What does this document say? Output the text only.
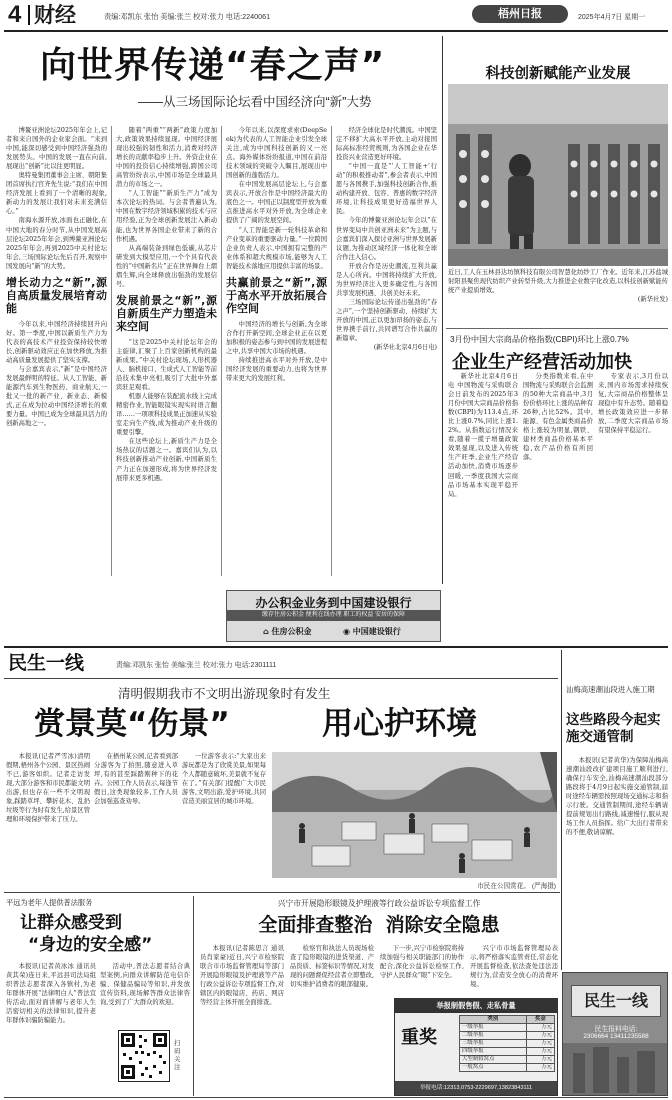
4 财经	责编:邓凯东 张怡 美编:张兰 校对:张力 电话:2240061	梧州日报	2025年4月7日 星期一
向世界传递“春之声”
——从三场国际论坛看中国经济向“新”大势

博鳌亚洲论坛2025年年会上,记者和来自国外的企业家会面。“来到中国,能深切感受到中国经济强劲的发展势头。中国的发展一直在向前,展现出“创新”比以往更明显。

奥特曼集团董事会主席、朝阳集团首席执行官齐先生说:“我们在中国经济发展上看到了一个清晰的现象,新动力的发展让我们对未来充满信心。”

南海水源开放,冰面也正融化,在中国大地的春分时节,从中国发展高层论坛2025年年会,到博鳌亚洲论坛2025年年会,再到2025中关村论坛年会,三场国际论坛先后召开,观察中国发展向“新”的大势。

增长动力之“新”,源自高质量发展培育动能

今年以来,中国经济持续回升向好。第一季度,中国以新质生产力为代表的高技术产业投资保持较快增长,创新驱动效应正在加快释放,为推动高质量发展提供了坚实支撑。

与会嘉宾表示,“新”是中国经济发展最鲜明的特征。从人工智能、新能源汽车到生物医药、商业航天,一批又一批的新产业、新业态、新模式,正在成为拉动中国经济增长的重要力量。中国已成为全球最具活力的创新高地之一。

随着“两重”“两新”政策力度加大,政策效果持续显现。中国经济展现出较强的韧性和活力,消费对经济增长的贡献率稳步上升。外资企业在中国的投资信心持续增强,跨国公司高管纷纷表示,中国市场是全球最具潜力的市场之一。

“人工智能”“新质生产力”成为本次论坛的热词。与会者普遍认为,中国在数字经济领域积累的技术与应用经验,正为全球创新发展注入新动能,也为世界各国企业带来了新的合作机遇。

从高端装备到绿色低碳,从芯片研发到大模型应用,一个个具有代表性的“中国新名片”正在世界舞台上熠熠生辉,向全球释放出强劲的发展信号。

发展前景之“新”,源自新质生产力塑造未来空间

“这是2025中关村论坛年会的主旋律,汇聚了上百家创新机构的最新成果。”中关村论坛现场,人形机器人、脑机接口、生成式人工智能等前沿技术集中亮相,吸引了大批中外嘉宾驻足观看。

机器人能够在装配流水线上完成精密作业,智能眼镜实现实时语言翻译……一项项科技成果正加速从实验室走向生产线,成为推动产业升级的重要引擎。

在这些论坛上,新质生产力是全场热议的话题之一。嘉宾们认为,以科技创新推动产业创新,中国新质生产力正在加速形成,将为世界经济发展带来更多机遇。

今年以来,以深度求索(DeepSeek)为代表的人工智能企业引发全球关注,成为中国科技创新的又一亮点。海外媒体纷纷报道,中国在前沿技术领域的突破令人瞩目,展现出中国创新的蓬勃活力。

在中国发展高层论坛上,与会嘉宾表示,开放合作是中国经济最大的底色之一。中国正以制度型开放为重点推进高水平对外开放,为全球企业提供了广阔的发展空间。

“人工智能是新一轮科技革命和产业变革的重要驱动力量。”一位跨国企业负责人表示,中国拥有完整的产业体系和超大规模市场,能够为人工智能技术落地应用提供丰富的场景。

共赢前景之“新”,源于高水平开放拓展合作空间

中国经济的增长与创新,为全球合作打开新空间,全球企业正在以更加积极的姿态参与到中国的发展进程之中,共享中国大市场的机遇。

持续推进高水平对外开放,是中国经济发展的重要动力,也将为世界带来更大的发展红利。

经济全球化是时代潮流。中国坚定不移扩大高水平开放,主动对接国际高标准经贸规则,为各国企业在华投资兴业营造更好环境。

“中国一直是“‘人工智能+’行动”的积极推动者”,参会者表示,中国愿与各国携手,加强科技创新合作,推动构建开放、包容、普惠的数字经济环境,让科技成果更好造福世界人民。

今年的博鳌亚洲论坛年会以“在世界变局中共创亚洲未来”为主题,与会嘉宾们深入探讨亚洲与世界发展新议题,为推动区域经济一体化和全球合作注入信心。

开放合作是历史潮流,互利共赢是人心所向。中国将持续扩大开放,为世界经济注入更多确定性,与各国共享发展机遇、共创美好未来。

三场国际论坛传递出强劲的“春之声”,一个坚持创新驱动、持续扩大开放的中国,正以更加昂扬的姿态,与世界携手前行,共同谱写合作共赢的新篇章。

(新华社北京4月6日电)
科技创新赋能产业发展

近日,工人在玉林县达坊镇科技有限公司智慧化纺纱工厂作业。近年来,江苏盐城射阳县聚焦现代纺织产业转型升级,大力推进企业数字化改造,以科技创新赋能传统产业提质增效。

(新华社发)
3月份中国大宗商品价格指数(CBPI)环比上涨0.7%
企业生产经营活动加快

新华社北京4月6日电 中国物流与采购联合会日前发布的2025年3月份中国大宗商品价格指数(CBPI)为113.4点,环比上涨0.7%,同比上涨1.2%。从指数运行情况来看,随着一揽子增量政策效果显现,以及进入传统生产旺季,企业生产经营活动加快,消费市场逐步回暖,一季度我国大宗商品市场基本实现平稳开局。

分类指数来看,在中国物流与采购联合会监测的50种大宗商品中,3月份价格环比上涨的品种有26种,占比52%。其中,能源、有色金属类商品价格上涨较为明显,钢铁、建材类商品价格基本平稳,农产品价格有所回落。

专家表示,3月份以来,国内市场需求持续恢复,大宗商品价格整体呈现稳中有升态势。随着稳增长政策效应进一步释放,二季度大宗商品市场有望保持平稳运行。

办公积金业务到中国建设银行
缴存住房公积金 便利在线办理 职工的权益 安居的保障
⌂ 住房公积金	◉ 中国建设银行
民生一线	责编:邓凯东 张怡 美编:张兰 校对:张力 电话:2301111
清明假期我市不文明出游现象时有发生
赏景莫“伤景”	用心护环境

本报讯(记者严雪冰)清明假期,梧州各个公园、景区热闹不已,游客如织。记者走访发现,大部分游客和市民都能文明出游,但也存在一些不文明现象,踩踏草坪、攀折花木、乱扔垃圾等行为时有发生,给景区管理和环境保护带来了压力。

在梧州某公园,记者看到部分游客为了拍照,随意进入草坪,有的甚至踩踏刚种下的花卉。公园工作人员表示,每逢节假日,这类现象较多,工作人员会加强巡查劝导。

一位游客表示:“大家出来游玩都是为了欣赏美景,如果每个人都随意破坏,美景就不复存在了。”有关部门提醒广大市民游客,文明出游,爱护环境,共同营造美丽宜居的城市环境。

市民在公园赏花。 (严海摄)
汕梅高速潮汕段进入施工期
这些路段今起实施交通管制

本报讯(记者黄华)为保障汕梅高速潮汕段改扩建项目施工顺利进行,确保行车安全,汕梅高速潮汕段部分路段将于4月9日起实施交通管制,届时途经车辆需按照现场交通标志和指示行驶。交通管制期间,途经车辆请提前规划出行路线,减速慢行,服从现场工作人员指挥。给广大出行者带来的不便,敬请谅解。

平远为老年人提供普法服务
让群众感受到
“身边的安全感”

本报讯(记者黄冰冰 通讯员黄其荣)连日来,平远县司法局组织普法志愿者深入各镇村,为老年群体开展“法律明白人”普法宣传活动,面对面讲解与老年人生活密切相关的法律知识,提升老年群体识骗防骗能力。

活动中,普法志愿者结合典型案例,向群众讲解防范电信诈骗、保健品骗局等知识,并发放宣传资料,现场解答群众法律咨询,受到了广大群众的欢迎。

扫码关注
兴宁市开展隐形眼镜及护理液等行政公益诉讼专项监督工作
全面排查整治  消除安全隐患

本报讯(记者陈思言 通讯员肖家豪)近日,兴宁市检察院联合市市场监督管理局等部门开展隐形眼镜及护理液等产品行政公益诉讼专项监督工作,对辖区内的眼镜店、药店、网店等经营主体开展全面排查。

检察官和执法人员现场检查了隐形眼镜的进货渠道、产品资质、标签标识等情况,对发现的问题督促经营者立即整改,切实维护消费者的眼部健康。

下一步,兴宁市检察院将持续加强与相关职能部门的协作配合,深化公益诉讼检察工作,守护人民群众“眼”下安全。

兴宁市市场监督管理局表示,将严格落实监管责任,常态化开展监督检查,依法查处违法违规行为,营造安全放心的消费环境。

举报制假售假、走私骨量
重奖
类别	奖金
一级举报	万元
二级举报	万元
三级举报	万元
四级举报	万元
大型制假窝点	万元
一般窝点	万元
举报电话:12313,0753-2229697,13823843111
民生一线
民生报料电话:
2306664 13411235588
